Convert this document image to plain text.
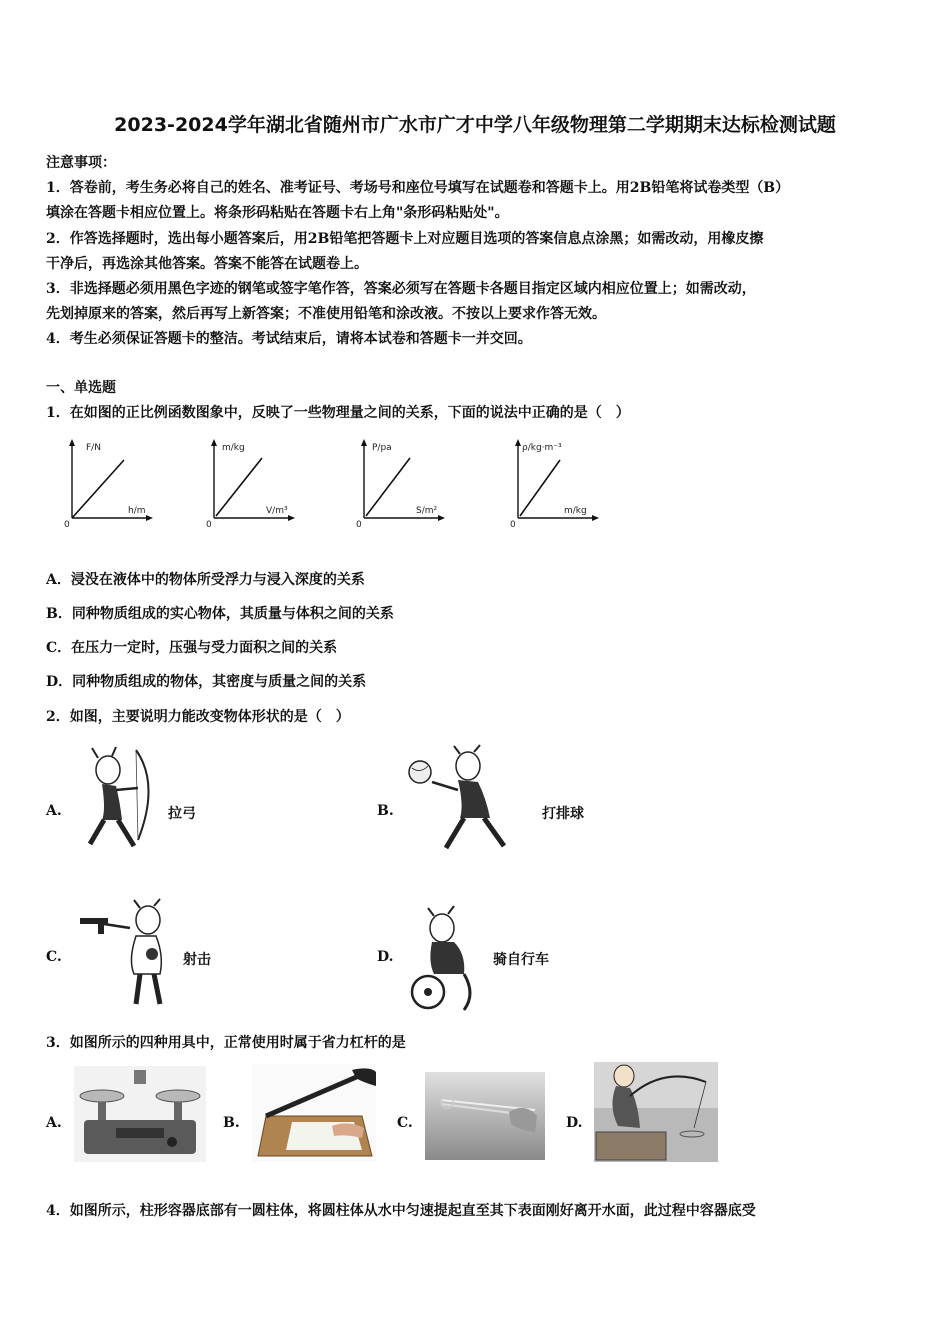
2023-2024学年湖北省随州市广水市广才中学八年级物理第二学期期末达标检测试题
注意事项：
1．答卷前，考生务必将自己的姓名、准考证号、考场号和座位号填写在试题卷和答题卡上。用2B铅笔将试卷类型（B）
填涂在答题卡相应位置上。将条形码粘贴在答题卡右上角"条形码粘贴处"。
2．作答选择题时，选出每小题答案后，用2B铅笔把答题卡上对应题目选项的答案信息点涂黑；如需改动，用橡皮擦
干净后，再选涂其他答案。答案不能答在试题卷上。
3．非选择题必须用黑色字迹的钢笔或签字笔作答，答案必须写在答题卡各题目指定区域内相应位置上；如需改动，
先划掉原来的答案，然后再写上新答案；不准使用铅笔和涂改液。不按以上要求作答无效。
4．考生必须保证答题卡的整洁。考试结束后，请将本试卷和答题卡一并交回。
一、单选题
1．在如图的正比例函数图象中，反映了一些物理量之间的关系，下面的说法中正确的是（　）
F/N
h/m
0
m/kg
V/m³
0
P/pa
S/m²
0
ρ/kg·m⁻³
m/kg
0
A．浸没在液体中的物体所受浮力与浸入深度的关系
B．同种物质组成的实心物体，其质量与体积之间的关系
C．在压力一定时，压强与受力面积之间的关系
D．同种物质组成的物体，其密度与质量之间的关系
2．如图，主要说明力能改变物体形状的是（　）
A.	拉弓	B.	打排球
C.	射击	D.	骑自行车
3．如图所示的四种用具中，正常使用时属于省力杠杆的是
A.	B.	C.	D.
4．如图所示，柱形容器底部有一圆柱体，将圆柱体从水中匀速提起直至其下表面刚好离开水面，此过程中容器底受
